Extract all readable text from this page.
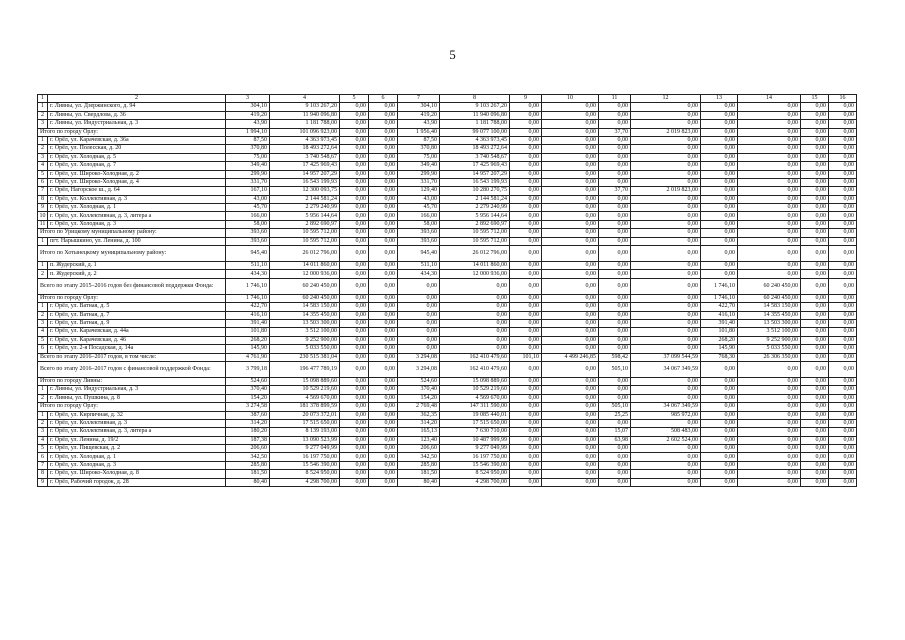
5
1	2	3	4	5	6	7	8	9	10	11	12	13	14	15	16
1	г. Ливны, ул. Дзержинского, д. 94	304,10	9 103 267,20	0,00	0,00	304,10	9 103 267,20	0,00	0,00	0,00	0,00	0,00	0,00	0,00	0,00
2	г. Ливны, ул. Свердлова, д. 36	419,20	11 940 096,80	0,00	0,00	419,20	11 940 096,80	0,00	0,00	0,00	0,00	0,00	0,00	0,00	0,00
3	г. Ливны, ул. Индустриальная, д. 3	43,90	1 181 788,00	0,00	0,00	43,90	1 181 788,00	0,00	0,00	0,00	0,00	0,00	0,00	0,00	0,00
Итого по городу Орлу:		1 994,10	101 096 923,00	0,00	0,00	1 956,40	99 077 100,00	0,00	0,00	37,70	2 019 823,00	0,00	0,00	0,00	0,00
1	г. Орёл, ул. Карачевская, д. 36а	87,50	4 363 973,45	0,00	0,00	87,50	4 363 973,45	0,00	0,00	0,00	0,00	0,00	0,00	0,00	0,00
2	г. Орёл, ул. Полесская, д. 20	370,80	18 493 272,64	0,00	0,00	370,80	18 493 272,64	0,00	0,00	0,00	0,00	0,00	0,00	0,00	0,00
3	г. Орёл, ул. Холодная, д. 5	75,00	3 740 548,67	0,00	0,00	75,00	3 740 548,67	0,00	0,00	0,00	0,00	0,00	0,00	0,00	0,00
4	г. Орёл, ул. Холодная, д. 7	349,40	17 425 969,43	0,00	0,00	349,40	17 425 969,43	0,00	0,00	0,00	0,00	0,00	0,00	0,00	0,00
5	г. Орёл, ул. Широко-Холодная, д. 2	299,90	14 957 207,29	0,00	0,00	299,90	14 957 207,29	0,00	0,00	0,00	0,00	0,00	0,00	0,00	0,00
6	г. Орёл, ул. Широко-Холодная, д. 4	331,70	16 543 199,93	0,00	0,00	331,70	16 543 199,93	0,00	0,00	0,00	0,00	0,00	0,00	0,00	0,00
7	г. Орёл, Нагорское ш., д. 64	167,10	12 300 093,75	0,00	0,00	129,40	10 280 270,75	0,00	0,00	37,70	2 019 823,00	0,00	0,00	0,00	0,00
8	г. Орёл, ул. Коллективная, д. 3	43,00	2 144 581,24	0,00	0,00	43,00	2 144 581,24	0,00	0,00	0,00	0,00	0,00	0,00	0,00	0,00
9	г. Орёл, ул. Холодная, д. 1	45,70	2 279 240,99	0,00	0,00	45,70	2 279 240,99	0,00	0,00	0,00	0,00	0,00	0,00	0,00	0,00
10	г. Орёл, ул. Коллективная, д. 3, литера а	166,00	5 956 144,64	0,00	0,00	166,00	5 956 144,64	0,00	0,00	0,00	0,00	0,00	0,00	0,00	0,00
11	г. Орёл, ул. Холодная, д. 3	58,00	2 892 690,97	0,00	0,00	58,00	2 892 690,97	0,00	0,00	0,00	0,00	0,00	0,00	0,00	0,00
Итого по Урицкому муниципальному району:		393,60	10 595 712,00	0,00	0,00	393,60	10 595 712,00	0,00	0,00	0,00	0,00	0,00	0,00	0,00	0,00
1	пгт. Нарышкино, ул. Ленина, д. 100	393,60	10 595 712,00	0,00	0,00	393,60	10 595 712,00	0,00	0,00	0,00	0,00	0,00	0,00	0,00	0,00
Итого по Хотынецкому муниципальному району:		945,40	26 012 796,00	0,00	0,00	945,40	26 012 796,00	0,00	0,00	0,00	0,00	0,00	0,00	0,00	0,00
1	п. Жудерский, д. 1	511,10	14 011 860,00	0,00	0,00	511,10	14 011 860,00	0,00	0,00	0,00	0,00	0,00	0,00	0,00	0,00
2	п. Жудерский, д. 2	434,30	12 000 936,00	0,00	0,00	434,30	12 000 936,00	0,00	0,00	0,00	0,00	0,00	0,00	0,00	0,00
Всего по этапу 2015–2016 годов без финансовой поддержки Фонда:		1 746,10	60 240 450,00	0,00	0,00	0,00	0,00	0,00	0,00	0,00	0,00	1 746,10	60 240 450,00	0,00	0,00
Итого по городу Орлу:		1 746,10	60 240 450,00	0,00	0,00	0,00	0,00	0,00	0,00	0,00	0,00	1 746,10	60 240 450,00	0,00	0,00
1	г. Орёл, ул. Ватная, д. 5	422,70	14 583 150,00	0,00	0,00	0,00	0,00	0,00	0,00	0,00	0,00	422,70	14 583 150,00	0,00	0,00
2	г. Орёл, ул. Ватная, д. 7	416,10	14 355 450,00	0,00	0,00	0,00	0,00	0,00	0,00	0,00	0,00	416,10	14 355 450,00	0,00	0,00
3	г. Орёл, ул. Ватная, д. 9	391,40	13 503 300,00	0,00	0,00	0,00	0,00	0,00	0,00	0,00	0,00	391,40	13 503 300,00	0,00	0,00
4	г. Орёл, ул. Карачевская, д. 44а	101,80	3 512 100,00	0,00	0,00	0,00	0,00	0,00	0,00	0,00	0,00	101,80	3 512 100,00	0,00	0,00
5	г. Орёл, ул. Карачевская, д. 46	268,20	9 252 900,00	0,00	0,00	0,00	0,00	0,00	0,00	0,00	0,00	268,20	9 252 900,00	0,00	0,00
6	г. Орёл, ул. 2-я Посадская, д. 14а	145,90	5 033 550,00	0,00	0,00	0,00	0,00	0,00	0,00	0,00	0,00	145,90	5 033 550,00	0,00	0,00
Всего по этапу 2016–2017 годов, в том числе:		4 761,90	230 515 381,04	0,00	0,00	3 294,08	162 410 479,60	101,10	4 499 246,85	598,42	37 099 544,59	768,30	26 306 350,00	0,00	0,00
Всего по этапу 2016–2017 годов с финансовой поддержкой Фонда:		3 799,18	196 477 789,19	0,00	0,00	3 294,08	162 410 479,60	0,00	0,00	505,10	34 067 349,59	0,00	0,00	0,00	0,00
Итого по городу Ливны:		524,60	15 098 889,60	0,00	0,00	524,60	15 098 889,60	0,00	0,00	0,00	0,00	0,00	0,00	0,00	0,00
1	г. Ливны, ул. Индустриальная, д. 3	370,40	10 529 219,60	0,00	0,00	370,40	10 529 219,60	0,00	0,00	0,00	0,00	0,00	0,00	0,00	0,00
2	г. Ливны, ул. Пушкина, д. 8	154,20	4 569 670,00	0,00	0,00	154,20	4 569 670,00	0,00	0,00	0,00	0,00	0,00	0,00	0,00	0,00
Итого по городу Орлу:		3 274,58	181 378 899,59	0,00	0,00	2 769,48	147 311 590,00	0,00	0,00	505,10	34 067 349,59	0,00	0,00	0,00	0,00
1	г. Орёл, ул. Кирпичная, д. 32	387,60	20 073 372,01	0,00	0,00	362,35	19 085 440,01	0,00	0,00	25,25	985 972,00	0,00	0,00	0,00	0,00
2	г. Орёл, ул. Коллективная, д. 3	314,20	17 515 650,00	0,00	0,00	314,20	17 515 650,00	0,00	0,00	0,00	0,00	0,00	0,00	0,00	0,00
3	г. Орёл, ул. Коллективная, д. 3, литера а	180,20	8 139 193,00	0,00	0,00	165,13	7 630 710,00	0,00	0,00	15,07	508 483,00	0,00	0,00	0,00	0,00
4	г. Орёл, ул. Ленина, д. 19/2	187,38	13 090 523,99	0,00	0,00	123,40	10 487 999,99	0,00	0,00	63,98	2 602 524,00	0,00	0,00	0,00	0,00
5	г. Орёл, ул. Пищевская, д. 2	206,60	9 277 049,99	0,00	0,00	206,60	9 277 049,99	0,00	0,00	0,00	0,00	0,00	0,00	0,00	0,00
6	г. Орёл, ул. Холодная, д. 1	342,50	16 197 750,00	0,00	0,00	342,50	16 197 750,00	0,00	0,00	0,00	0,00	0,00	0,00	0,00	0,00
7	г. Орёл, ул. Холодная, д. 3	285,80	15 546 390,00	0,00	0,00	285,80	15 546 390,00	0,00	0,00	0,00	0,00	0,00	0,00	0,00	0,00
8	г. Орёл, ул. Широко-Холодная, д. 8	181,50	8 524 950,00	0,00	0,00	181,50	8 524 950,00	0,00	0,00	0,00	0,00	0,00	0,00	0,00	0,00
9	г. Орёл, Рабочий городок, д. 28	80,40	4 298 700,00	0,00	0,00	80,40	4 298 700,00	0,00	0,00	0,00	0,00	0,00	0,00	0,00	0,00
